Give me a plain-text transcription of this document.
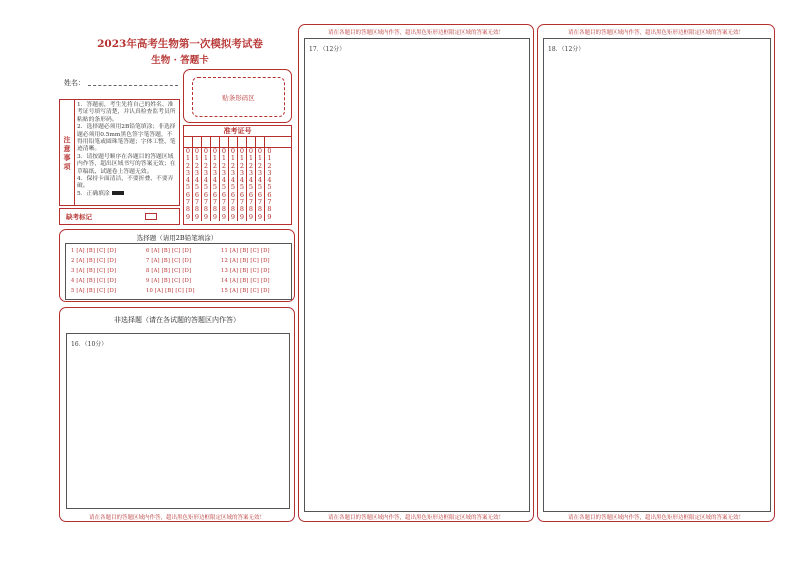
2023年高考生物第一次模拟考试卷
生物 · 答题卡
姓名：
贴条形码区
注
意
事
项
1．答题前，考生先将自己的姓名、准考证号填写清楚，并认真检查监考员所粘贴的条形码。
2．选择题必须用2B铅笔填涂；非选择题必须用0.5mm黑色签字笔答题，不得用铅笔或圆珠笔答题；字体工整、笔迹清晰。
3．请按题号顺序在各题目的答题区域内作答，超出区域书写的答案无效；在草稿纸、试题卷上答题无效。
4．保持卡面清洁，不要折叠、不要弄破。
5．正确填涂
准考证号
0
1
2
3
4
5
6
7
8
9
0
1
2
3
4
5
6
7
8
9
0
1
2
3
4
5
6
7
8
9
0
1
2
3
4
5
6
7
8
9
0
1
2
3
4
5
6
7
8
9
0
1
2
3
4
5
6
7
8
9
0
1
2
3
4
5
6
7
8
9
0
1
2
3
4
5
6
7
8
9
0
1
2
3
4
5
6
7
8
9
0
1
2
3
4
5
6
7
8
9
缺考标记
选择题（请用2B铅笔填涂）
1 [A] [B] [C] [D]
2 [A] [B] [C] [D]
3 [A] [B] [C] [D]
4 [A] [B] [C] [D]
5 [A] [B] [C] [D]
6 [A] [B] [C] [D]
7 [A] [B] [C] [D]
8 [A] [B] [C] [D]
9 [A] [B] [C] [D]
10 [A] [B] [C] [D]
11 [A] [B] [C] [D]
12 [A] [B] [C] [D]
13 [A] [B] [C] [D]
14 [A] [B] [C] [D]
15 [A] [B] [C] [D]
非选择题（请在各试题的答题区内作答）
16．（10分）
请在各题目的答题区域内作答，超出黑色矩形边框限定区域的答案无效！
请在各题目的答题区域内作答，超出黑色矩形边框限定区域的答案无效！
17．（12分）
请在各题目的答题区域内作答，超出黑色矩形边框限定区域的答案无效！
请在各题目的答题区域内作答，超出黑色矩形边框限定区域的答案无效！
18．（12分）
请在各题目的答题区域内作答，超出黑色矩形边框限定区域的答案无效！
